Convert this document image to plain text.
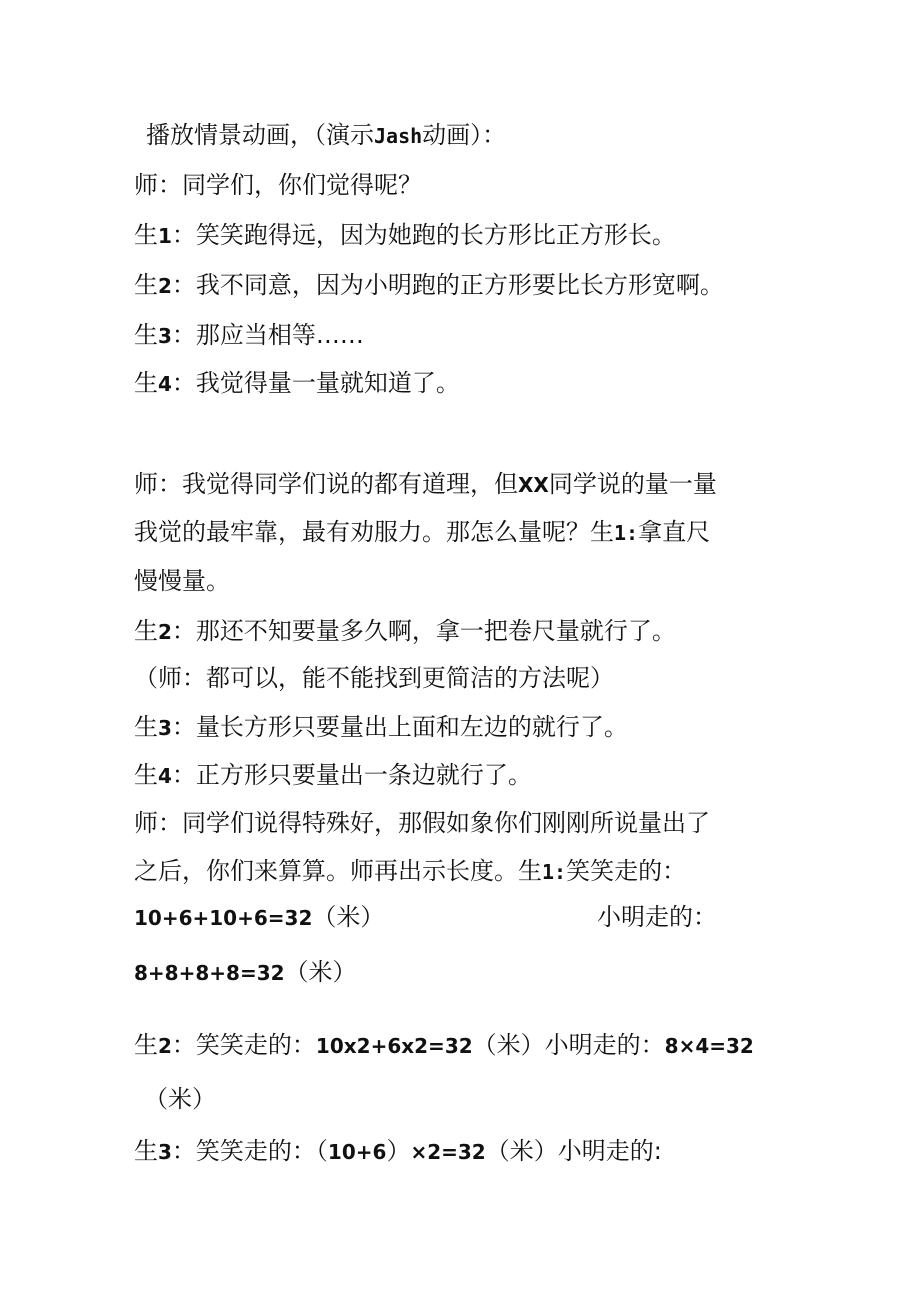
播放情景动画，（演示Jash动画）：
师：同学们，你们觉得呢？
生1：笑笑跑得远，因为她跑的长方形比正方形长。
生2：我不同意，因为小明跑的正方形要比长方形宽啊。
生3：那应当相等……
生4：我觉得量一量就知道了。
师：我觉得同学们说的都有道理，但XX同学说的量一量
我觉的最牢靠，最有劝服力。那怎么量呢？生1:拿直尺
慢慢量。
生2：那还不知要量多久啊，拿一把卷尺量就行了。
（师：都可以，能不能找到更简洁的方法呢）
生3：量长方形只要量出上面和左边的就行了。
生4：正方形只要量出一条边就行了。
师：同学们说得特殊好，那假如象你们刚刚所说量出了
之后，你们来算算。师再出示长度。生1:笑笑走的：
10+6+10+6=32（米）	小明走的：
8+8+8+8=32（米）
生2：笑笑走的：10x2+6x2=32（米）小明走的：8×4=32
（米）
生3：笑笑走的：（10+6）×2=32（米）小明走的:
